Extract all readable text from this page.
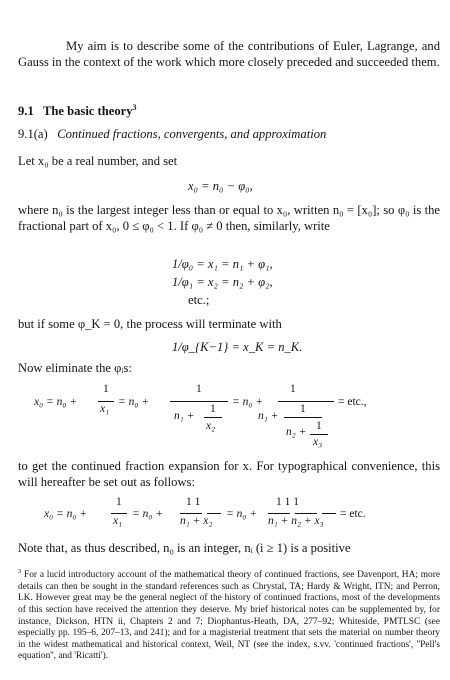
My aim is to describe some of the contributions of Euler, Lagrange, and Gauss in the context of the work which more closely preceded and succeeded them.
9.1 The basic theory$^3$
9.1(a) Continued fractions, convergents, and approximation
Let x₀ be a real number, and set
x₀ = n₀ − φ₀,
where n₀ is the largest integer less than or equal to x₀, written n₀ = [x₀]; so φ₀ is the fractional part of x₀, 0 ≤ φ₀ < 1. If φ₀ ≠ 0 then, similarly, write
1/φ₀ = x₁ = n₁ + φ₁,
1/φ₁ = x₂ = n₂ + φ₂,
etc.;
but if some φ_K = 0, the process will terminate with
1/φ_{K−1} = x_K = n_K.
Now eliminate the φᵢs:
x₀ = n₀ +
1
x₁
= n₀ +
1
n₁ +
1
x₂
= n₀ +
1
n₁ +
1
n₂ + 1
x₃
= etc.,
to get the continued fraction expansion for x. For typographical convenience, this will hereafter be set out as follows:
x₀ = n₀ +
1
x₁
= n₀ +
1 1
n₁ + x₂
= n₀ +
1 1 1
n₁ + n₂ + x₃
= etc.
Note that, as thus described, n₀ is an integer, nᵢ (i ≥ 1) is a positive
$^3$ For a lucid introductory account of the mathematical theory of continued fractions, see Davenport, HA; more details can then be sought in the standard references such as Chrystal, TA; Hardy & Wright, ITN; and Perron, LK. However great may be the general neglect of the history of continued fractions, most of the developments of this section have received the attention they deserve. My brief historical notes can be supplemented by, for instance, Dickson, HTN ii, Chapters 2 and 7; Diophantus-Heath, DA, 277–92; Whiteside, PMTLSC (see especially pp. 195–6, 207–13, and 241); and for a magisterial treatment that sets the material on number theory in the widest mathematical and historical context, Weil, NT (see the index, s.vv. 'continued fractions', ''Pell's equation'', and 'Ricatti').
